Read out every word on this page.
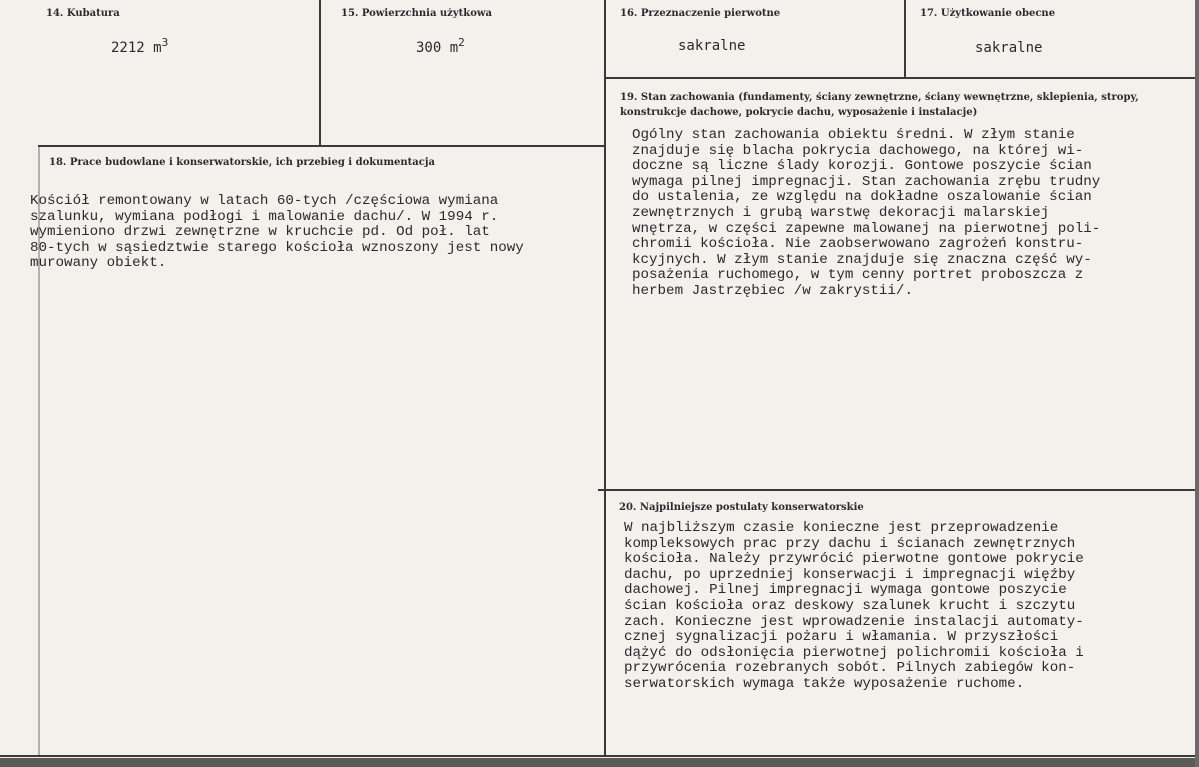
14. Kubatura
2212 $m^3$
15. Powierzchnia użytkowa
300 $m^2$
16. Przeznaczenie pierwotne
sakralne
17. Użytkowanie obecne
sakralne
18. Prace budowlane i konserwatorskie, ich przebieg i dokumentacja
Kościół remontowany w latach 60-tych /częściowa wymiana
szalunku, wymiana podłogi i malowanie dachu/. W 1994 r.
wymieniono drzwi zewnętrzne w kruchcie pd. Od poł. lat
80-tych w sąsiedztwie starego kościoła wznoszony jest nowy
murowany obiekt.
19. Stan zachowania (fundamenty, ściany zewnętrzne, ściany wewnętrzne, sklepienia, stropy, konstrukcje dachowe, pokrycie dachu, wyposażenie i instalacje)
Ogólny stan zachowania obiektu średni. W złym stanie
znajduje się blacha pokrycia dachowego, na której wi-
doczne są liczne ślady korozji. Gontowe poszycie ścian
wymaga pilnej impregnacji. Stan zachowania zrębu trudny
do ustalenia, ze względu na dokładne oszalowanie ścian
zewnętrznych i grubą warstwę dekoracji malarskiej
wnętrza, w części zapewne malowanej na pierwotnej poli-
chromii kościoła. Nie zaobserwowano zagrożeń konstru-
kcyjnych. W złym stanie znajduje się znaczna część wy-
posażenia ruchomego, w tym cenny portret proboszcza z
herbem Jastrzębiec /w zakrystii/.
20. Najpilniejsze postulaty konserwatorskie
W najbliższym czasie konieczne jest przeprowadzenie
kompleksowych prac przy dachu i ścianach zewnętrznych
kościoła. Należy przywrócić pierwotne gontowe pokrycie
dachu, po uprzedniej konserwacji i impregnacji więźby
dachowej. Pilnej impregnacji wymaga gontowe poszycie
ścian kościoła oraz deskowy szalunek krucht i szczytu
zach. Konieczne jest wprowadzenie instalacji automaty-
cznej sygnalizacji pożaru i włamania. W przyszłości
dążyć do odsłonięcia pierwotnej polichromii kościoła i
przywrócenia rozebranych sobót. Pilnych zabiegów kon-
serwatorskich wymaga także wyposażenie ruchome.
